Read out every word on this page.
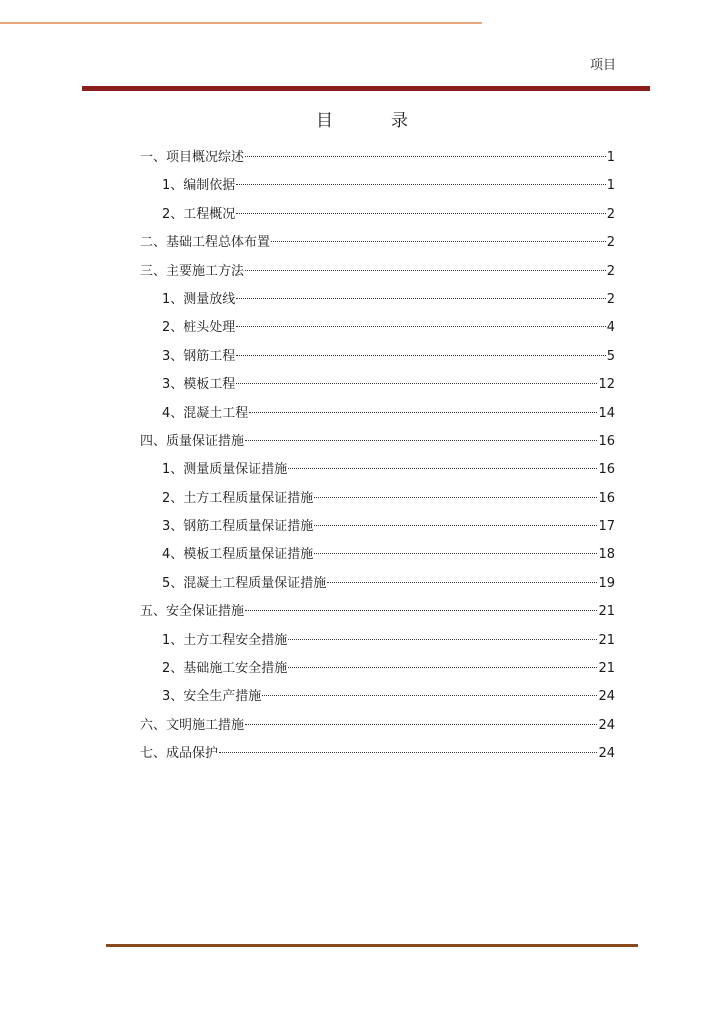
项目
目	录
一、项目概况综述	1
1、编制依据	1
2、工程概况	2
二、基础工程总体布置	2
三、主要施工方法	2
1、测量放线	2
2、桩头处理	4
3、钢筋工程	5
3、模板工程	12
4、混凝土工程	14
四、质量保证措施	16
1、测量质量保证措施	16
2、土方工程质量保证措施	16
3、钢筋工程质量保证措施	17
4、模板工程质量保证措施	18
5、混凝土工程质量保证措施	19
五、安全保证措施	21
1、土方工程安全措施	21
2、基础施工安全措施	21
3、安全生产措施	24
六、文明施工措施	24
七、成品保护	24
